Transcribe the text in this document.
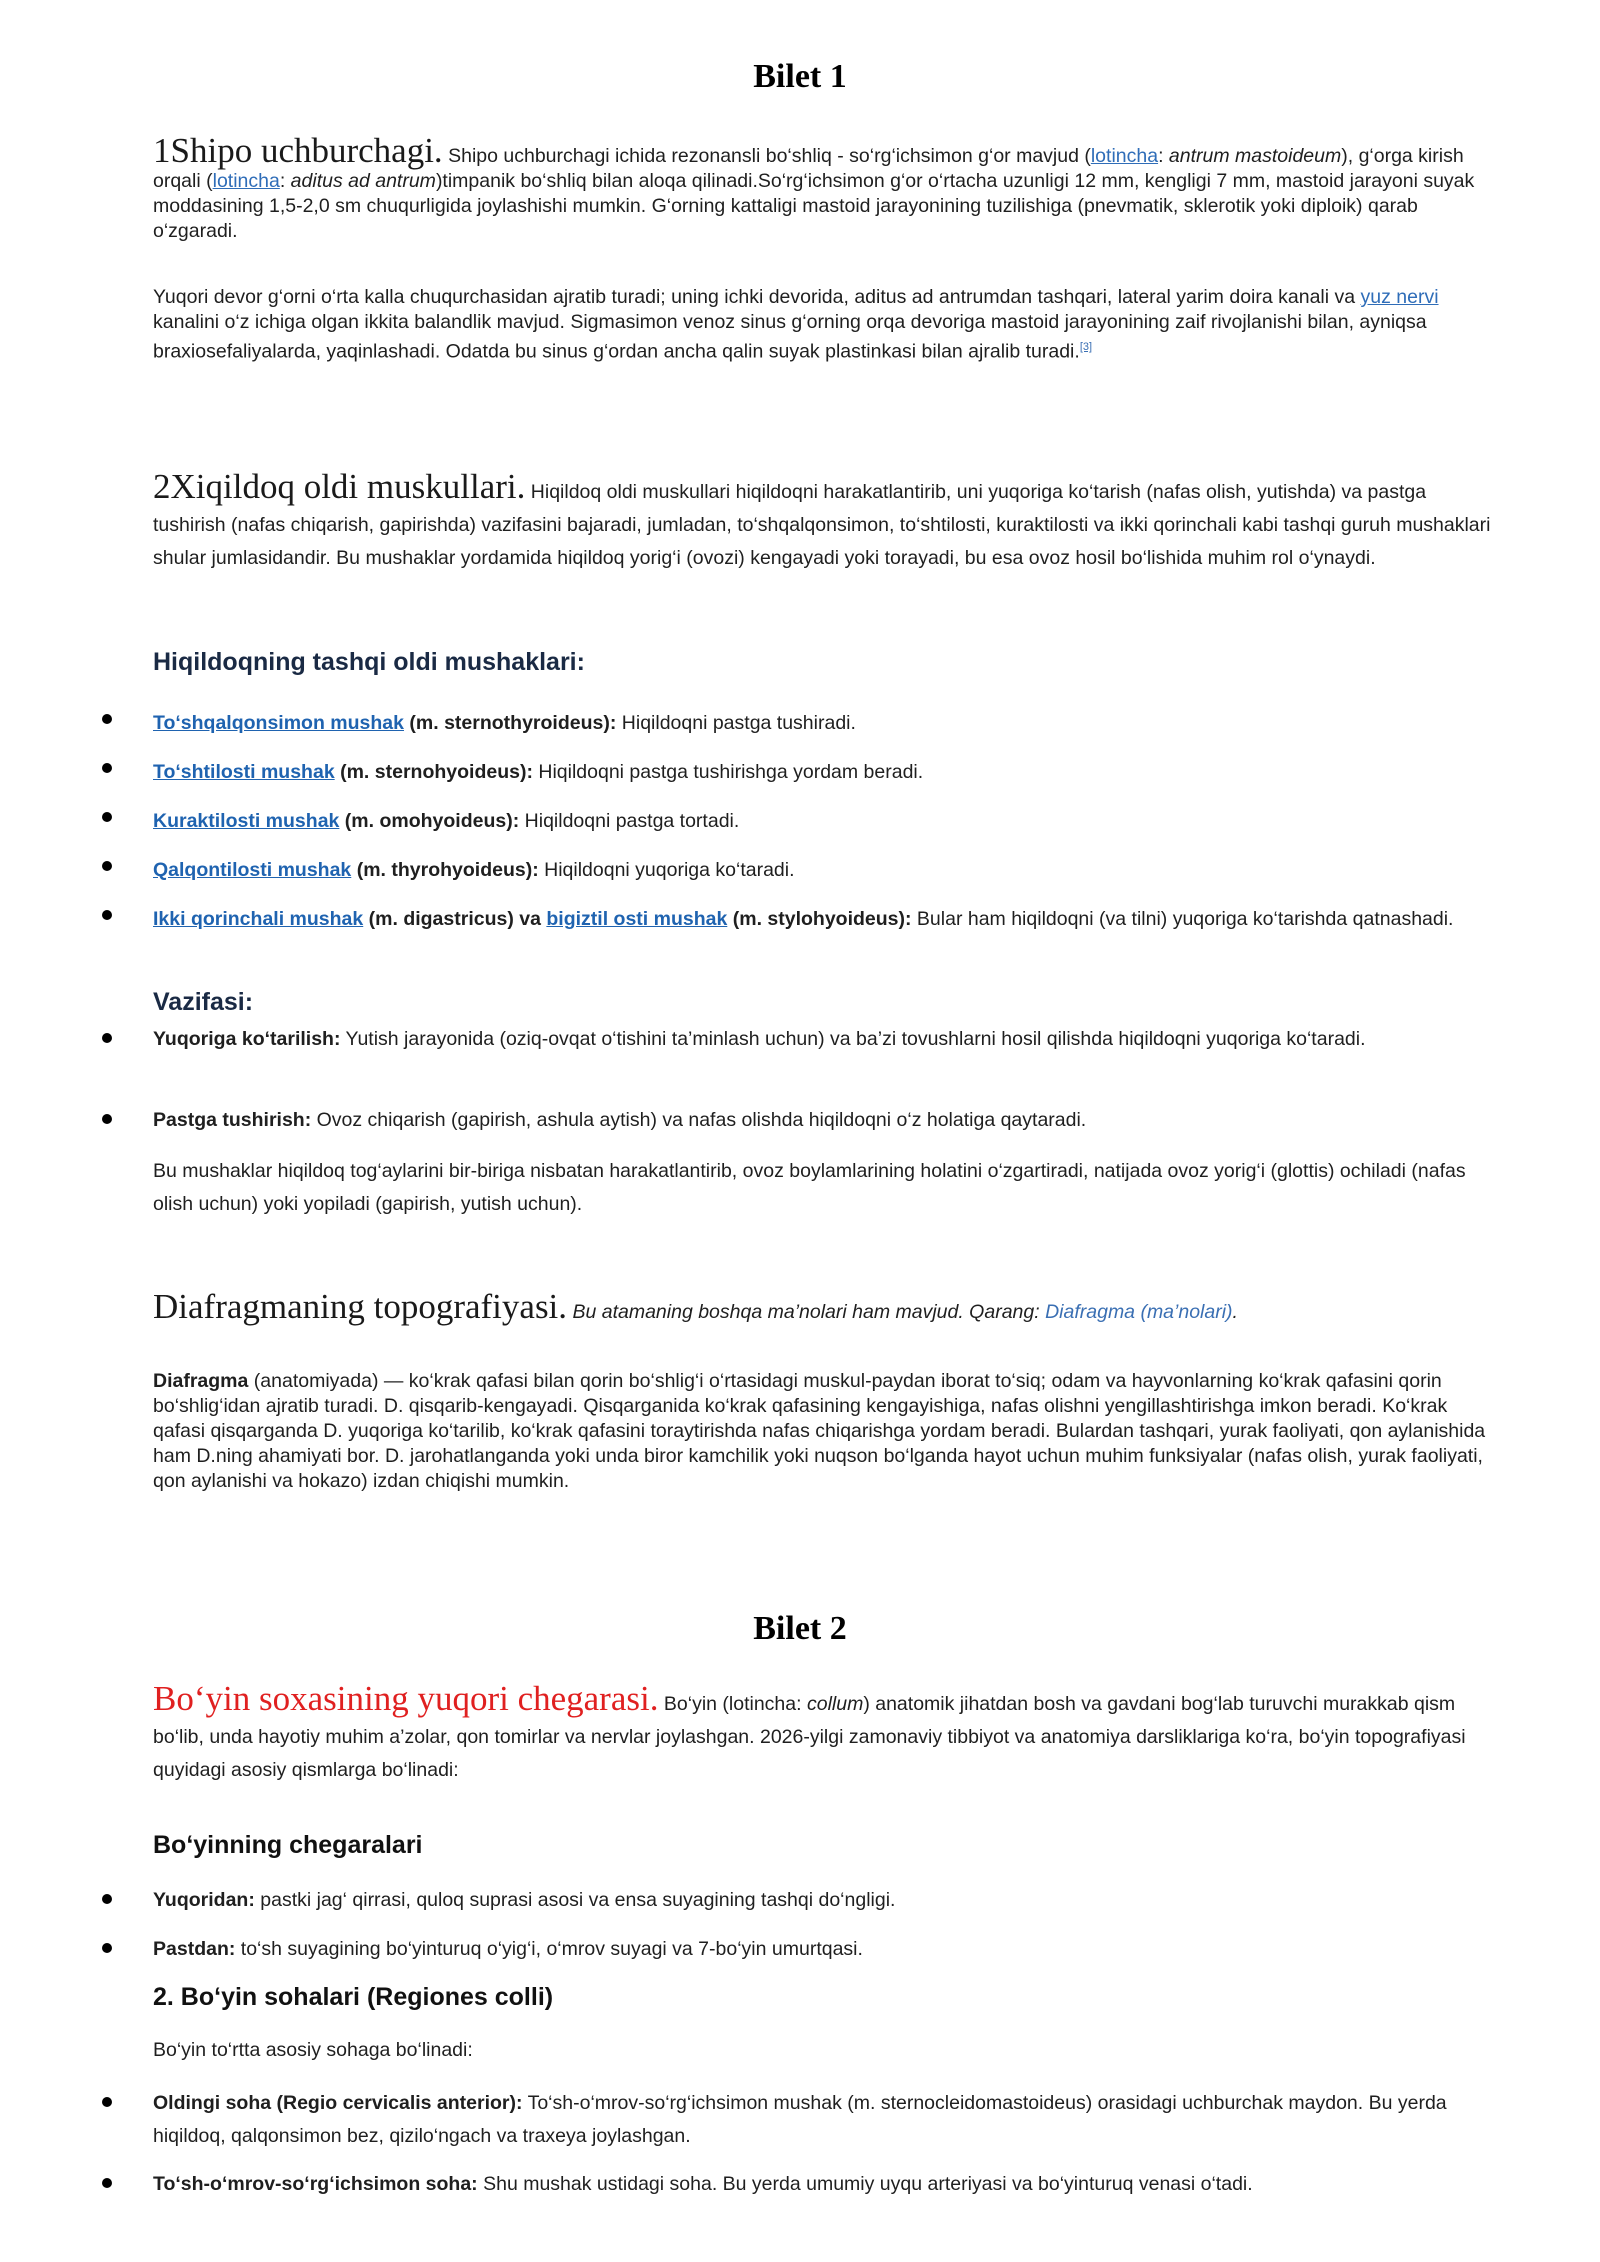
Bilet 1

1Shipo uchburchagi. Shipo uchburchagi ichida rezonansli bo‘shliq - so‘rg‘ichsimon g‘or mavjud (lotincha: antrum mastoideum), g‘orga kirish orqali (lotincha: aditus ad antrum)timpanik bo‘shliq bilan aloqa qilinadi.So‘rg‘ichsimon g‘or o‘rtacha uzunligi 12 mm, kengligi 7 mm, mastoid jarayoni suyak moddasining 1,5-2,0 sm chuqurligida joylashishi mumkin. G‘orning kattaligi mastoid jarayonining tuzilishiga (pnevmatik, sklerotik yoki diploik) qarab o‘zgaradi.

Yuqori devor g‘orni o‘rta kalla chuqurchasidan ajratib turadi; uning ichki devorida, aditus ad antrumdan tashqari, lateral yarim doira kanali va yuz nervi kanalini o‘z ichiga olgan ikkita balandlik mavjud. Sigmasimon venoz sinus g‘orning orqa devoriga mastoid jarayonining zaif rivojlanishi bilan, ayniqsa braxiosefaliyalarda, yaqinlashadi. Odatda bu sinus g‘ordan ancha qalin suyak plastinkasi bilan ajralib turadi.[3]

2Xiqildoq oldi muskullari. Hiqildoq oldi muskullari hiqildoqni harakatlantirib, uni yuqoriga ko‘tarish (nafas olish, yutishda) va pastga tushirish (nafas chiqarish, gapirishda) vazifasini bajaradi, jumladan, to‘shqalqonsimon, to‘shtilosti, kuraktilosti va ikki qorinchali kabi tashqi guruh mushaklari shular jumlasidandir. Bu mushaklar yordamida hiqildoq yorig‘i (ovozi) kengayadi yoki torayadi, bu esa ovoz hosil bo‘lishida muhim rol o‘ynaydi.

Hiqildoqning tashqi oldi mushaklari:

To‘shqalqonsimon mushak (m. sternothyroideus): Hiqildoqni pastga tushiradi.
To‘shtilosti mushak (m. sternohyoideus): Hiqildoqni pastga tushirishga yordam beradi.
Kuraktilosti mushak (m. omohyoideus): Hiqildoqni pastga tortadi.
Qalqontilosti mushak (m. thyrohyoideus): Hiqildoqni yuqoriga ko‘taradi.
Ikki qorinchali mushak (m. digastricus) va bigiztil osti mushak (m. stylohyoideus): Bular ham hiqildoqni (va tilni) yuqoriga ko‘tarishda qatnashadi.

Vazifasi:

Yuqoriga ko‘tarilish: Yutish jarayonida (oziq-ovqat o‘tishini ta’minlash uchun) va ba’zi tovushlarni hosil qilishda hiqildoqni yuqoriga ko‘taradi.
Pastga tushirish: Ovoz chiqarish (gapirish, ashula aytish) va nafas olishda hiqildoqni o‘z holatiga qaytaradi.
Bu mushaklar hiqildoq tog‘aylarini bir-biriga nisbatan harakatlantirib, ovoz boylamlarining holatini o‘zgartiradi, natijada ovoz yorig‘i (glottis) ochiladi (nafas olish uchun) yoki yopiladi (gapirish, yutish uchun).

Diafragmaning topografiyasi. Bu atamaning boshqa ma’nolari ham mavjud. Qarang: Diafragma (ma’nolari).

Diafragma (anatomiyada) — ko‘krak qafasi bilan qorin bo‘shlig‘i o‘rtasidagi muskul-paydan iborat to‘siq; odam va hayvonlarning ko‘krak qafasini qorin bo‘shlig‘idan ajratib turadi. D. qisqarib-kengayadi. Qisqarganida ko‘krak qafasining kengayishiga, nafas olishni yengillashtirishga imkon beradi. Ko‘krak qafasi qisqarganda D. yuqoriga ko‘tarilib, ko‘krak qafasini toraytirishda nafas chiqarishga yordam beradi. Bulardan tashqari, yurak faoliyati, qon aylanishida ham D.ning ahamiyati bor. D. jarohatlanganda yoki unda biror kamchilik yoki nuqson bo‘lganda hayot uchun muhim funksiyalar (nafas olish, yurak faoliyati, qon aylanishi va hokazo) izdan chiqishi mumkin.

Bilet 2

Bo‘yin soxasining yuqori chegarasi. Bo‘yin (lotincha: collum) anatomik jihatdan bosh va gavdani bog‘lab turuvchi murakkab qism bo‘lib, unda hayotiy muhim a’zolar, qon tomirlar va nervlar joylashgan. 2026-yilgi zamonaviy tibbiyot va anatomiya darsliklariga ko‘ra, bo‘yin topografiyasi quyidagi asosiy qismlarga bo‘linadi:

Bo‘yinning chegaralari

Yuqoridan: pastki jag‘ qirrasi, quloq suprasi asosi va ensa suyagining tashqi do‘ngligi.
Pastdan: to‘sh suyagining bo‘yinturuq o‘yig‘i, o‘mrov suyagi va 7-bo‘yin umurtqasi.

2. Bo‘yin sohalari (Regiones colli)

Bo‘yin to‘rtta asosiy sohaga bo‘linadi:
Oldingi soha (Regio cervicalis anterior): To‘sh-o‘mrov-so‘rg‘ichsimon mushak (m. sternocleidomastoideus) orasidagi uchburchak maydon. Bu yerda hiqildoq, qalqonsimon bez, qizilo‘ngach va traxeya joylashgan.
To‘sh-o‘mrov-so‘rg‘ichsimon soha: Shu mushak ustidagi soha. Bu yerda umumiy uyqu arteriyasi va bo‘yinturuq venasi o‘tadi.
